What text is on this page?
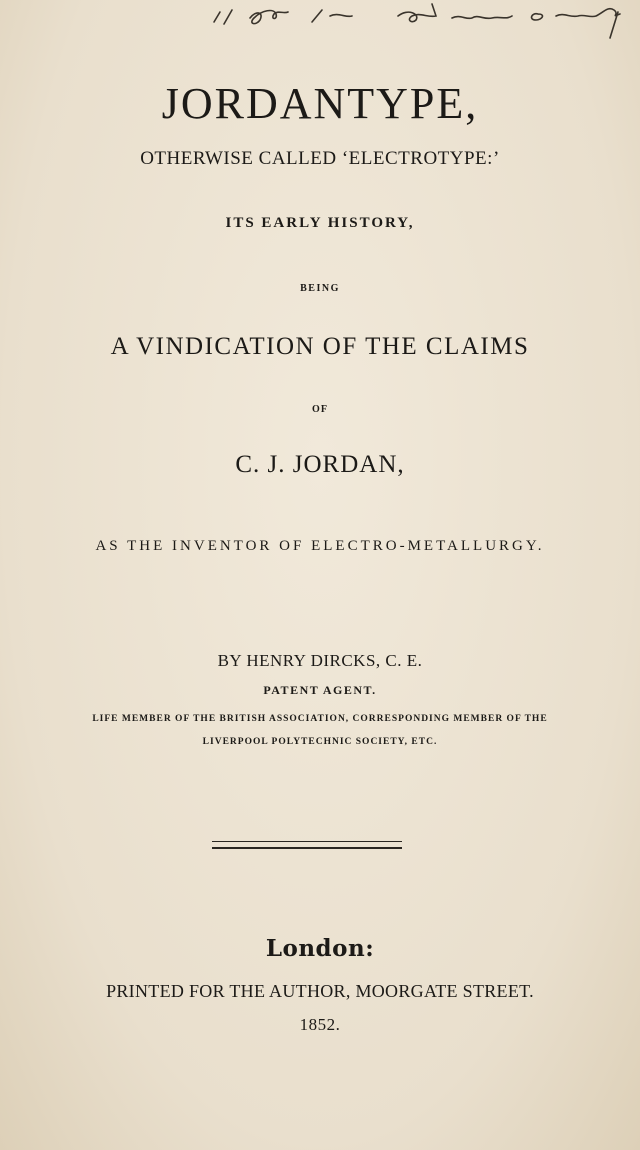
JORDANTYPE,
OTHERWISE CALLED ‘ELECTROTYPE:’
ITS EARLY HISTORY,
BEING
A VINDICATION OF THE CLAIMS
OF
C. J. JORDAN,
AS THE INVENTOR OF ELECTRO-METALLURGY.
BY HENRY DIRCKS, C. E.
PATENT AGENT.
LIFE MEMBER OF THE BRITISH ASSOCIATION, CORRESPONDING MEMBER OF THE
LIVERPOOL POLYTECHNIC SOCIETY, ETC.
London:
PRINTED FOR THE AUTHOR, MOORGATE STREET.
1852.
